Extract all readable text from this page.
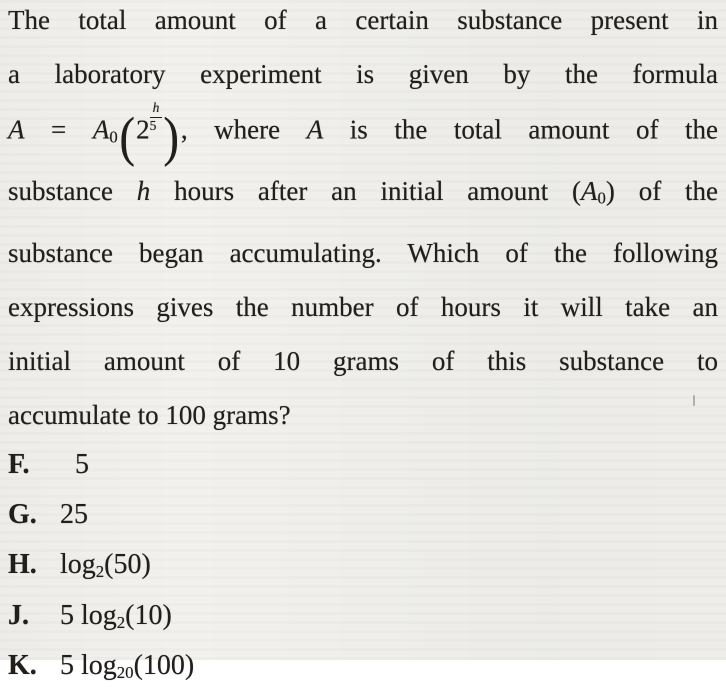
The total amount of a certain substance present in
a laboratory experiment is given by the formula
$A = A0(2 \frac{h}{5}$ ), where A is the total amount of the
substance h hours after an initial amount (A0) of the
substance began accumulating. Which of the following
expressions gives the number of hours it will take an
initial amount of 10 grams of this substance to
accumulate to 100 grams?
F.	5
G. 25
H. $\log_2(50)$
J.	5 $\log_2(10)$
K. 5 $\log_{20}(100)$
